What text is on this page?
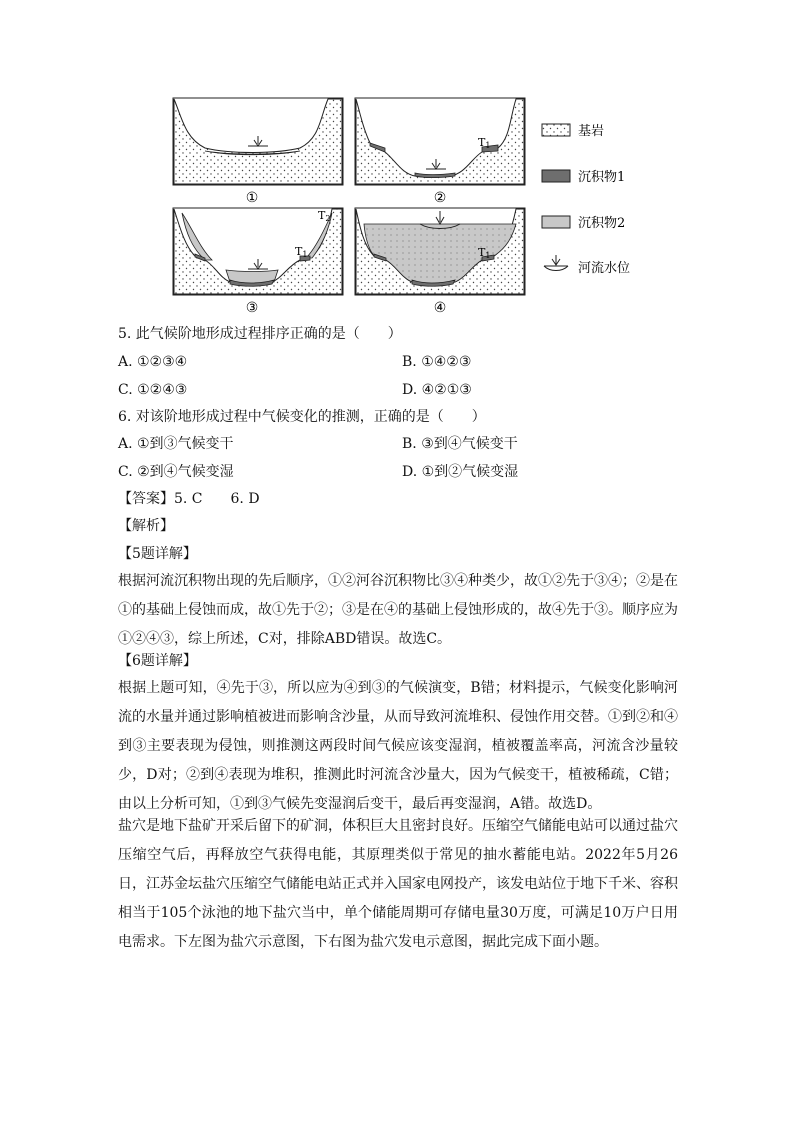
T1
①	②
T1
T2
T1
③	④
基岩
沉积物1
沉积物2
河流水位
5. 此气候阶地形成过程排序正确的是（　　）
A. ①②③④	B. ①④②③
C. ①②④③	D. ④②①③
6. 对该阶地形成过程中气候变化的推测，正确的是（　　）
A. ①到③气候变干	B. ③到④气候变干
C. ②到④气候变湿	D. ①到②气候变湿
【答案】5. C　　6. D
【解析】
【5题详解】
根据河流沉积物出现的先后顺序，①②河谷沉积物比③④种类少，故①②先于③④；②是在①的基础上侵蚀而成，故①先于②；③是在④的基础上侵蚀形成的，故④先于③。顺序应为①②④③，综上所述，C对，排除ABD错误。故选C。
【6题详解】
根据上题可知，④先于③，所以应为④到③的气候演变，B错；材料提示，气候变化影响河流的水量并通过影响植被进而影响含沙量，从而导致河流堆积、侵蚀作用交替。①到②和④到③主要表现为侵蚀，则推测这两段时间气候应该变湿润，植被覆盖率高，河流含沙量较少，D对；②到④表现为堆积，推测此时河流含沙量大，因为气候变干，植被稀疏，C错；由以上分析可知，①到③气候先变湿润后变干，最后再变湿润，A错。故选D。
盐穴是地下盐矿开采后留下的矿洞，体积巨大且密封良好。压缩空气储能电站可以通过盐穴压缩空气后，再释放空气获得电能，其原理类似于常见的抽水蓄能电站。2022年5月26日，江苏金坛盐穴压缩空气储能电站正式并入国家电网投产，该发电站位于地下千米、容积相当于105个泳池的地下盐穴当中，单个储能周期可存储电量30万度，可满足10万户日用电需求。下左图为盐穴示意图，下右图为盐穴发电示意图，据此完成下面小题。
